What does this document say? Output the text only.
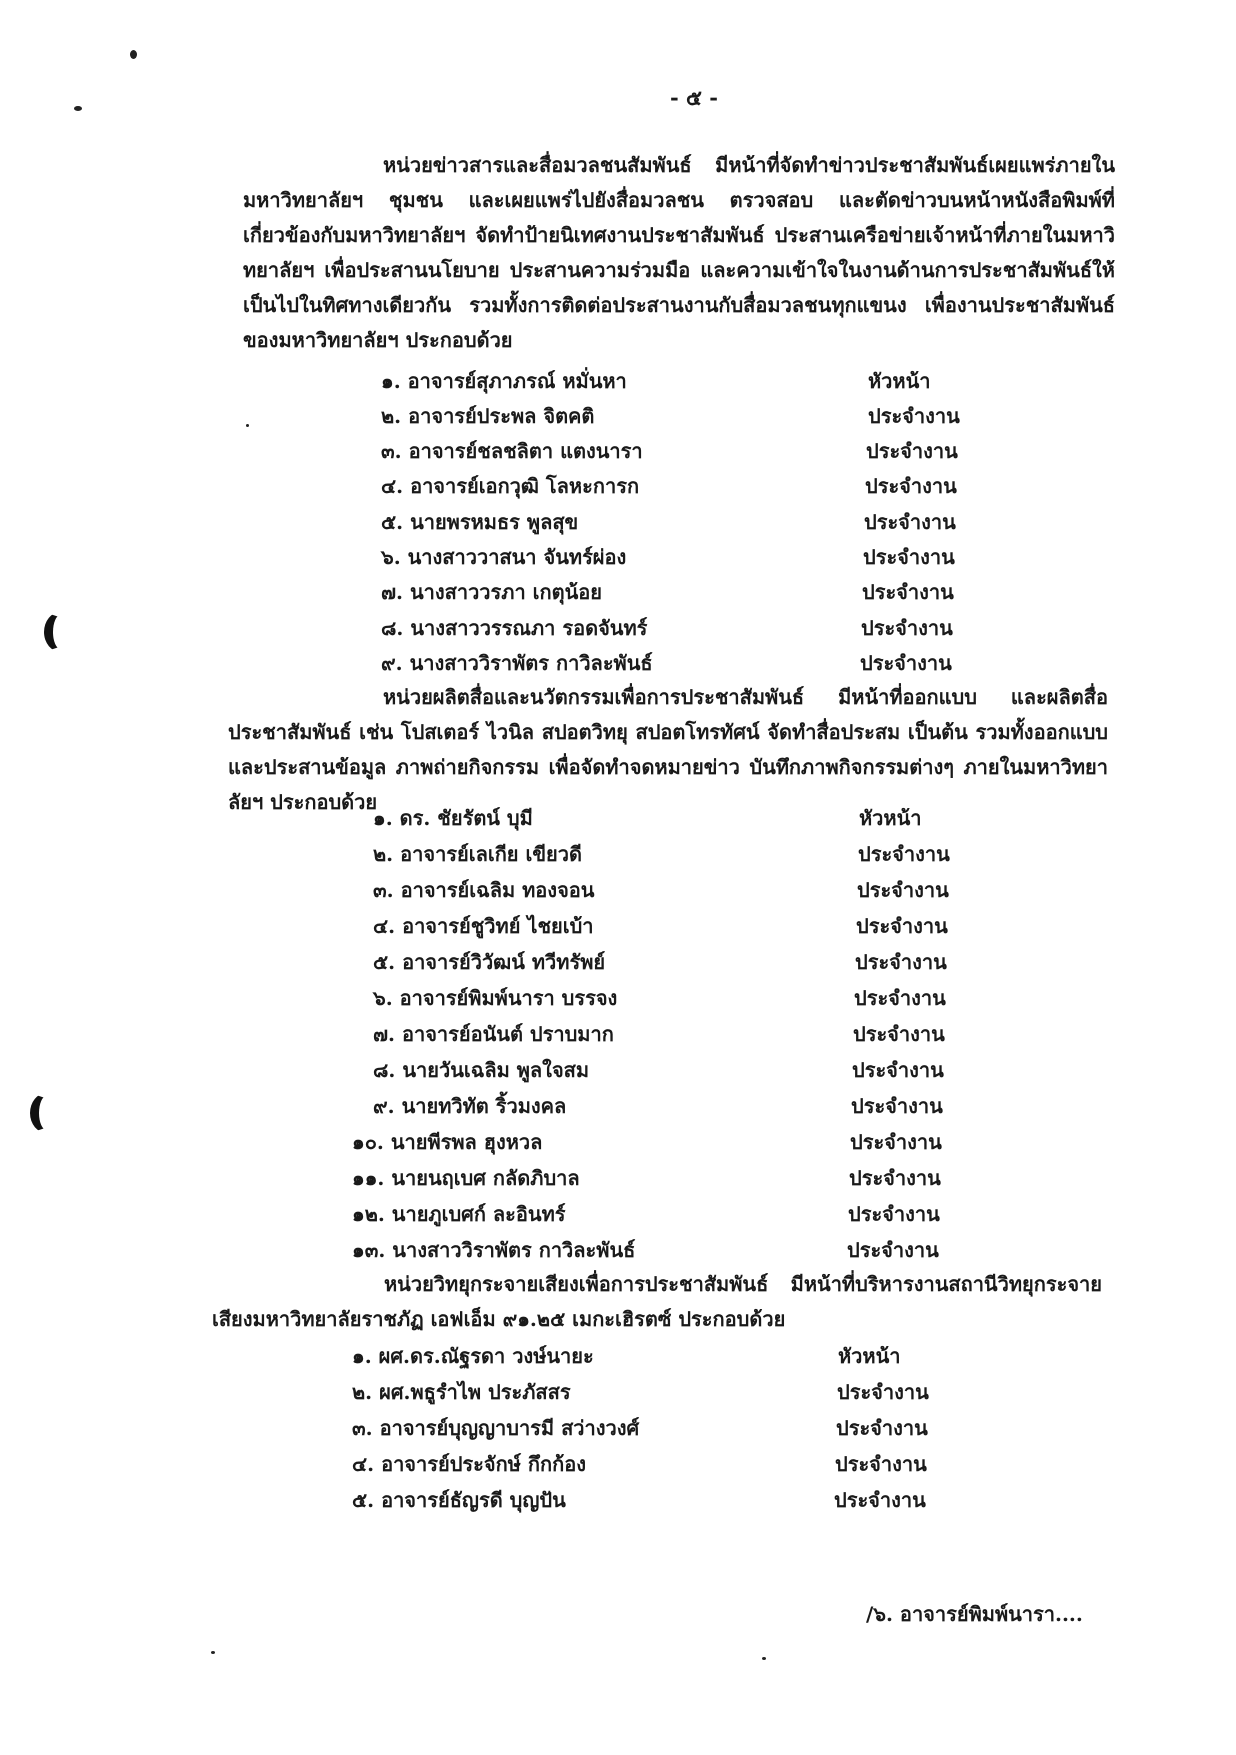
- ๕ -

หน่วยข่าวสารและสื่อมวลชนสัมพันธ์ มีหน้าที่จัดทำข่าวประชาสัมพันธ์เผยแพร่ภายในมหาวิทยาลัยฯ ชุมชน และเผยแพร่ไปยังสื่อมวลชน ตรวจสอบ และตัดข่าวบนหน้าหนังสือพิมพ์ที่เกี่ยวข้องกับมหาวิทยาลัยฯ จัดทำป้ายนิเทศงานประชาสัมพันธ์ ประสานเครือข่ายเจ้าหน้าที่ภายในมหาวิทยาลัยฯ เพื่อประสานนโยบาย ประสานความร่วมมือ และความเข้าใจในงานด้านการประชาสัมพันธ์ให้เป็นไปในทิศทางเดียวกัน รวมทั้งการติดต่อประสานงานกับสื่อมวลชนทุกแขนง เพื่องานประชาสัมพันธ์ของมหาวิทยาลัยฯ ประกอบด้วย

๑. อาจารย์สุภาภรณ์ หมั่นหา	หัวหน้า
๒. อาจารย์ประพล จิตคติ	ประจำงาน
๓. อาจารย์ชลชลิตา แตงนารา	ประจำงาน
๔. อาจารย์เอกวุฒิ โลหะการก	ประจำงาน
๕. นายพรหมธร พูลสุข	ประจำงาน
๖. นางสาววาสนา จันทร์ผ่อง	ประจำงาน
๗. นางสาววรภา เกตุน้อย	ประจำงาน
๘. นางสาววรรณภา รอดจันทร์	ประจำงาน
๙. นางสาววิราพัตร กาวิละพันธ์	ประจำงาน

หน่วยผลิตสื่อและนวัตกรรมเพื่อการประชาสัมพันธ์ มีหน้าที่ออกแบบ และผลิตสื่อประชาสัมพันธ์ เช่น โปสเตอร์ ไวนิล สปอตวิทยุ สปอตโทรทัศน์ จัดทำสื่อประสม เป็นต้น รวมทั้งออกแบบและประสานข้อมูล ภาพถ่ายกิจกรรม เพื่อจัดทำจดหมายข่าว บันทึกภาพกิจกรรมต่างๆ ภายในมหาวิทยาลัยฯ ประกอบด้วย

๑. ดร. ชัยรัตน์ บุมี	หัวหน้า
๒. อาจารย์เลเกีย เขียวดี	ประจำงาน
๓. อาจารย์เฉลิม ทองจอน	ประจำงาน
๔. อาจารย์ชูวิทย์ ไชยเบ้า	ประจำงาน
๕. อาจารย์วิวัฒน์ ทวีทรัพย์	ประจำงาน
๖. อาจารย์พิมพ์นารา บรรจง	ประจำงาน
๗. อาจารย์อนันต์ ปราบมาก	ประจำงาน
๘. นายวันเฉลิม พูลใจสม	ประจำงาน
๙. นายทวิทัต ริ้วมงคล	ประจำงาน
๑๐. นายพีรพล ฮุงหวล	ประจำงาน
๑๑. นายนฤเบศ กลัดภิบาล	ประจำงาน
๑๒. นายภูเบศก์ ละอินทร์	ประจำงาน
๑๓. นางสาววิราพัตร กาวิละพันธ์	ประจำงาน

หน่วยวิทยุกระจายเสียงเพื่อการประชาสัมพันธ์ มีหน้าที่บริหารงานสถานีวิทยุกระจายเสียงมหาวิทยาลัยราชภัฏ เอฟเอ็ม ๙๑.๒๕ เมกะเฮิรตซ์ ประกอบด้วย

๑. ผศ.ดร.ณัฐรดา วงษ์นายะ	หัวหน้า
๒. ผศ.พธูรำไพ ประภัสสร	ประจำงาน
๓. อาจารย์บุญญาบารมี สว่างวงศ์	ประจำงาน
๔. อาจารย์ประจักษ์ กึกก้อง	ประจำงาน
๕. อาจารย์ธัญรดี บุญปัน	ประจำงาน
/๖. อาจารย์พิมพ์นารา....
